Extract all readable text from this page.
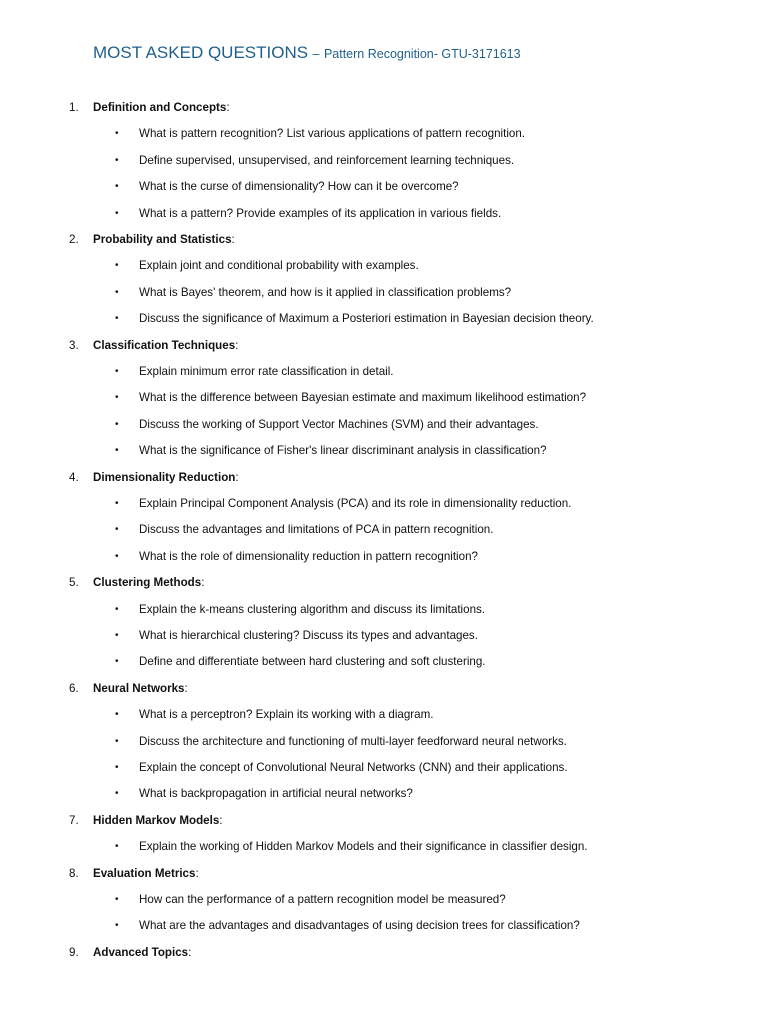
MOST ASKED QUESTIONS – Pattern Recognition- GTU-3171613
1. Definition and Concepts:
• What is pattern recognition? List various applications of pattern recognition.
• Define supervised, unsupervised, and reinforcement learning techniques.
• What is the curse of dimensionality? How can it be overcome?
• What is a pattern? Provide examples of its application in various fields.
2. Probability and Statistics:
• Explain joint and conditional probability with examples.
• What is Bayes' theorem, and how is it applied in classification problems?
• Discuss the significance of Maximum a Posteriori estimation in Bayesian decision theory.
3. Classification Techniques:
• Explain minimum error rate classification in detail.
• What is the difference between Bayesian estimate and maximum likelihood estimation?
• Discuss the working of Support Vector Machines (SVM) and their advantages.
• What is the significance of Fisher's linear discriminant analysis in classification?
4. Dimensionality Reduction:
• Explain Principal Component Analysis (PCA) and its role in dimensionality reduction.
• Discuss the advantages and limitations of PCA in pattern recognition.
• What is the role of dimensionality reduction in pattern recognition?
5. Clustering Methods:
• Explain the k-means clustering algorithm and discuss its limitations.
• What is hierarchical clustering? Discuss its types and advantages.
• Define and differentiate between hard clustering and soft clustering.
6. Neural Networks:
• What is a perceptron? Explain its working with a diagram.
• Discuss the architecture and functioning of multi-layer feedforward neural networks.
• Explain the concept of Convolutional Neural Networks (CNN) and their applications.
• What is backpropagation in artificial neural networks?
7. Hidden Markov Models:
• Explain the working of Hidden Markov Models and their significance in classifier design.
8. Evaluation Metrics:
• How can the performance of a pattern recognition model be measured?
• What are the advantages and disadvantages of using decision trees for classification?
9. Advanced Topics:
